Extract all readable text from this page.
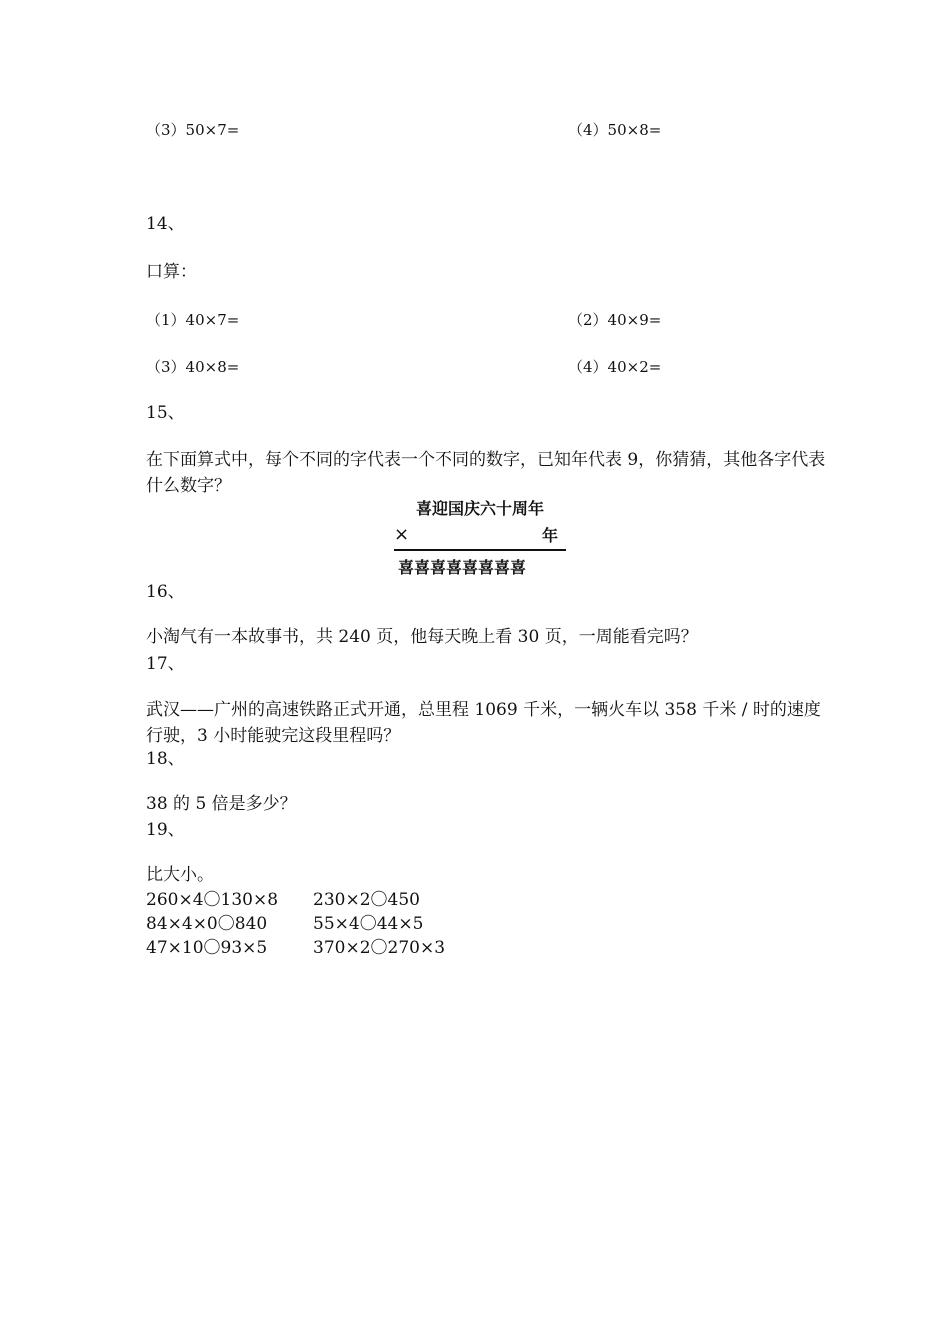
（3）50×7=	（4）50×8=
14、
口算：
（1）40×7=	（2）40×9=
（3）40×8=	（4）40×2=
15、
在下面算式中，每个不同的字代表一个不同的数字，已知年代表 9，你猜猜，其他各字代表什么数字？
喜迎国庆六十周年
×	年
喜喜喜喜喜喜喜喜
16、
小淘气有一本故事书，共 240 页，他每天晚上看 30 页，一周能看完吗？
17、
武汉——广州的高速铁路正式开通，总里程 1069 千米，一辆火车以 358 千米 / 时的速度行驶，3 小时能驶完这段里程吗？
18、
38 的 5 倍是多少？
19、
比大小。
260×4〇130×8 230×2〇450
84×4×0〇840	55×4〇44×5
47×10〇93×5	370×2〇270×3
